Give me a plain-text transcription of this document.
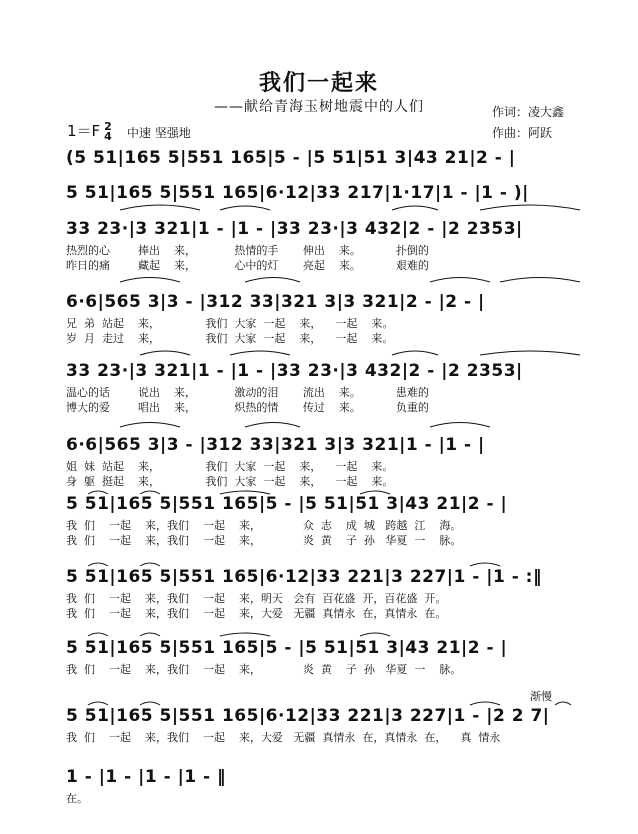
我们一起来
——献给青海玉树地震中的人们	作词：凌大鑫
作曲：阿跃
1＝F 2
4 中速 坚强地
(5 51|165 5|551 165|5 - |5 51|51 3|43 21|2 - |
5 51|165 5|551 165|6·12|33 217|1·17|1 - |1 - )|
33 23·|3 321|1 - |1 - |33 23·|3 432|2 - |2 2353|
热烈的心        捧出    来，           热情的手       伸出    来。          扑倒的
昨日的痛        藏起    来，           心中的灯       亮起    来。          艰难的
6·6|565 3|3 - |312 33|321 3|3 321|2 - |2 - |
兄  弟  站起    来，             我们  大家  一起    来，    一起    来。
岁  月  走过    来，             我们  大家  一起    来，    一起    来。
33 23·|3 321|1 - |1 - |33 23·|3 432|2 - |2 2353|
温心的话        说出    来，           激动的泪       流出    来。          患难的
博大的爱        唱出    来，           炽热的情       传过    来。          负重的
6·6|565 3|3 - |312 33|321 3|3 321|1 - |1 - |
姐  妹  站起    来，             我们  大家  一起    来，    一起    来。
身  躯  挺起    来，             我们  大家  一起    来，    一起    来。
5 51|165 5|551 165|5 - |5 51|51 3|43 21|2 - |
我  们    一起    来，我们    一起    来，            众  志    成  城   跨越  江    海。
我  们    一起    来，我们    一起    来，            炎  黄    子  孙   华夏  一    脉。
5 51|165 5|551 165|6·12|33 221|3 227|1 - |1 - :‖
我  们    一起    来，我们    一起    来，明天   会有  百花盛  开，百花盛  开。
我  们    一起    来，我们    一起    来，大爱   无疆  真情永  在，真情永  在。
5 51|165 5|551 165|5 - |5 51|51 3|43 21|2 - |
我  们    一起    来，我们    一起    来，            炎  黄    子  孙   华夏  一    脉。
5 51|165 5|551 165|6·12|33 221|3 227|1 - |2 2 7|
我  们    一起    来，我们    一起    来，大爱   无疆  真情永  在，真情永  在，    真  情永
1 - |1 - |1 - |1 - ‖
在。
渐慢
